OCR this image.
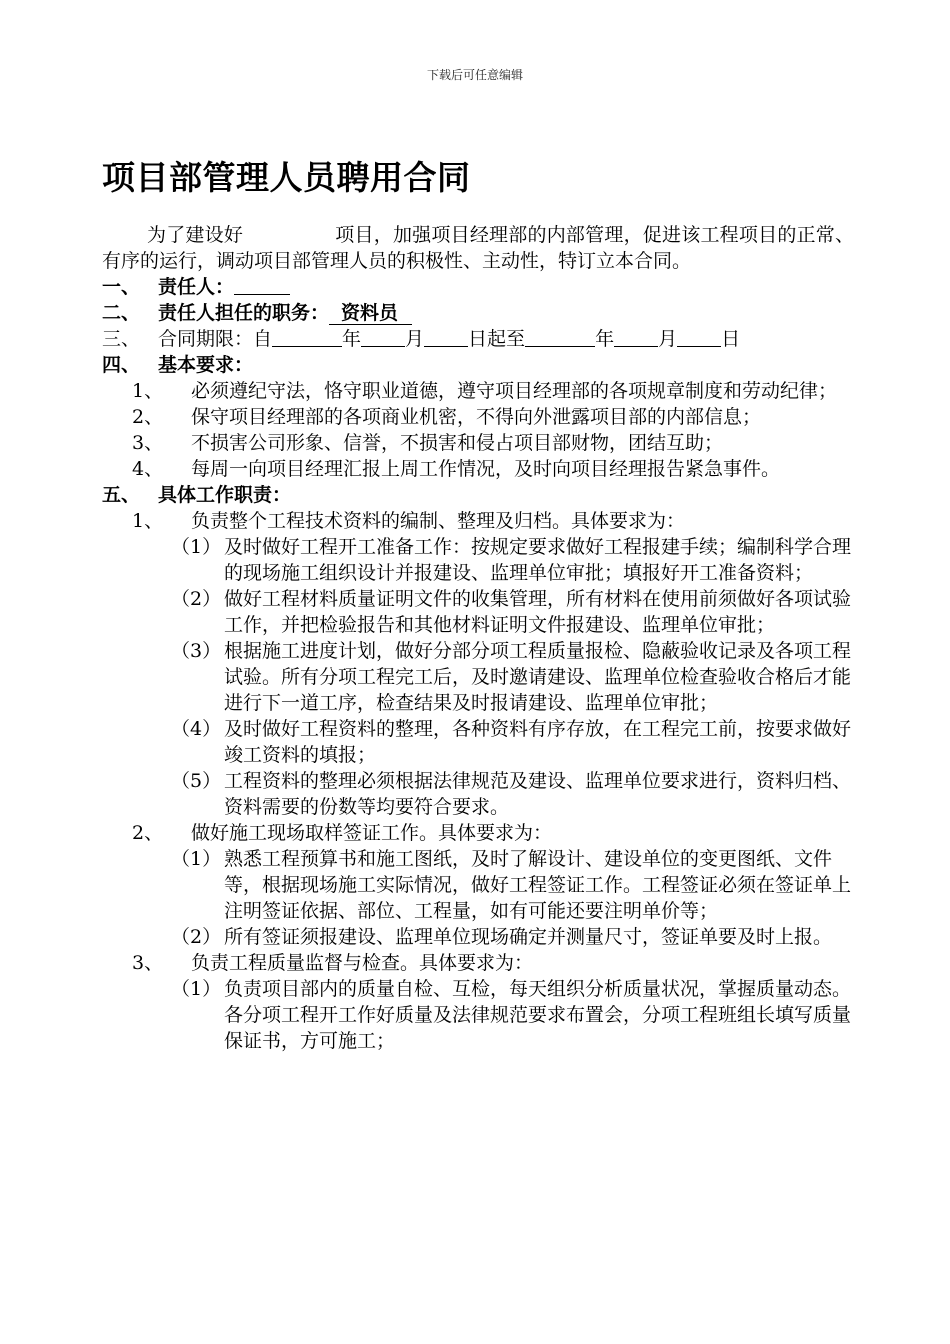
下载后可任意编辑
项目部管理人员聘用合同

为了建设好	项目，加强项目经理部的内部管理，促进该工程项目的正常、有序的运行，调动项目部管理人员的积极性、主动性，特订立本合同。

一、 责任人：
二、 责任人担任的职务： 资料员
三、 合同期限：自	年 月 日起至	年 月 日
四、 基本要求：
1、	必须遵纪守法，恪守职业道德，遵守项目经理部的各项规章制度和劳动纪律；
2、	保守项目经理部的各项商业机密，不得向外泄露项目部的内部信息；
3、	不损害公司形象、信誉，不损害和侵占项目部财物，团结互助；
4、	每周一向项目经理汇报上周工作情况，及时向项目经理报告紧急事件。
五、 具体工作职责：
1、	负责整个工程技术资料的编制、整理及归档。具体要求为：
（1） 及时做好工程开工准备工作：按规定要求做好工程报建手续；编制科学合理的现场施工组织设计并报建设、监理单位审批；填报好开工准备资料；
（2） 做好工程材料质量证明文件的收集管理，所有材料在使用前须做好各项试验工作，并把检验报告和其他材料证明文件报建设、监理单位审批；
（3） 根据施工进度计划，做好分部分项工程质量报检、隐蔽验收记录及各项工程试验。所有分项工程完工后，及时邀请建设、监理单位检查验收合格后才能进行下一道工序，检查结果及时报请建设、监理单位审批；
（4） 及时做好工程资料的整理，各种资料有序存放，在工程完工前，按要求做好竣工资料的填报；
（5） 工程资料的整理必须根据法律规范及建设、监理单位要求进行，资料归档、资料需要的份数等均要符合要求。
2、	做好施工现场取样签证工作。具体要求为：
（1） 熟悉工程预算书和施工图纸，及时了解设计、建设单位的变更图纸、文件等，根据现场施工实际情况，做好工程签证工作。工程签证必须在签证单上注明签证依据、部位、工程量，如有可能还要注明单价等；
（2） 所有签证须报建设、监理单位现场确定并测量尺寸，签证单要及时上报。
3、	负责工程质量监督与检查。具体要求为：
（1） 负责项目部内的质量自检、互检，每天组织分析质量状况，掌握质量动态。各分项工程开工作好质量及法律规范要求布置会，分项工程班组长填写质量保证书，方可施工；
